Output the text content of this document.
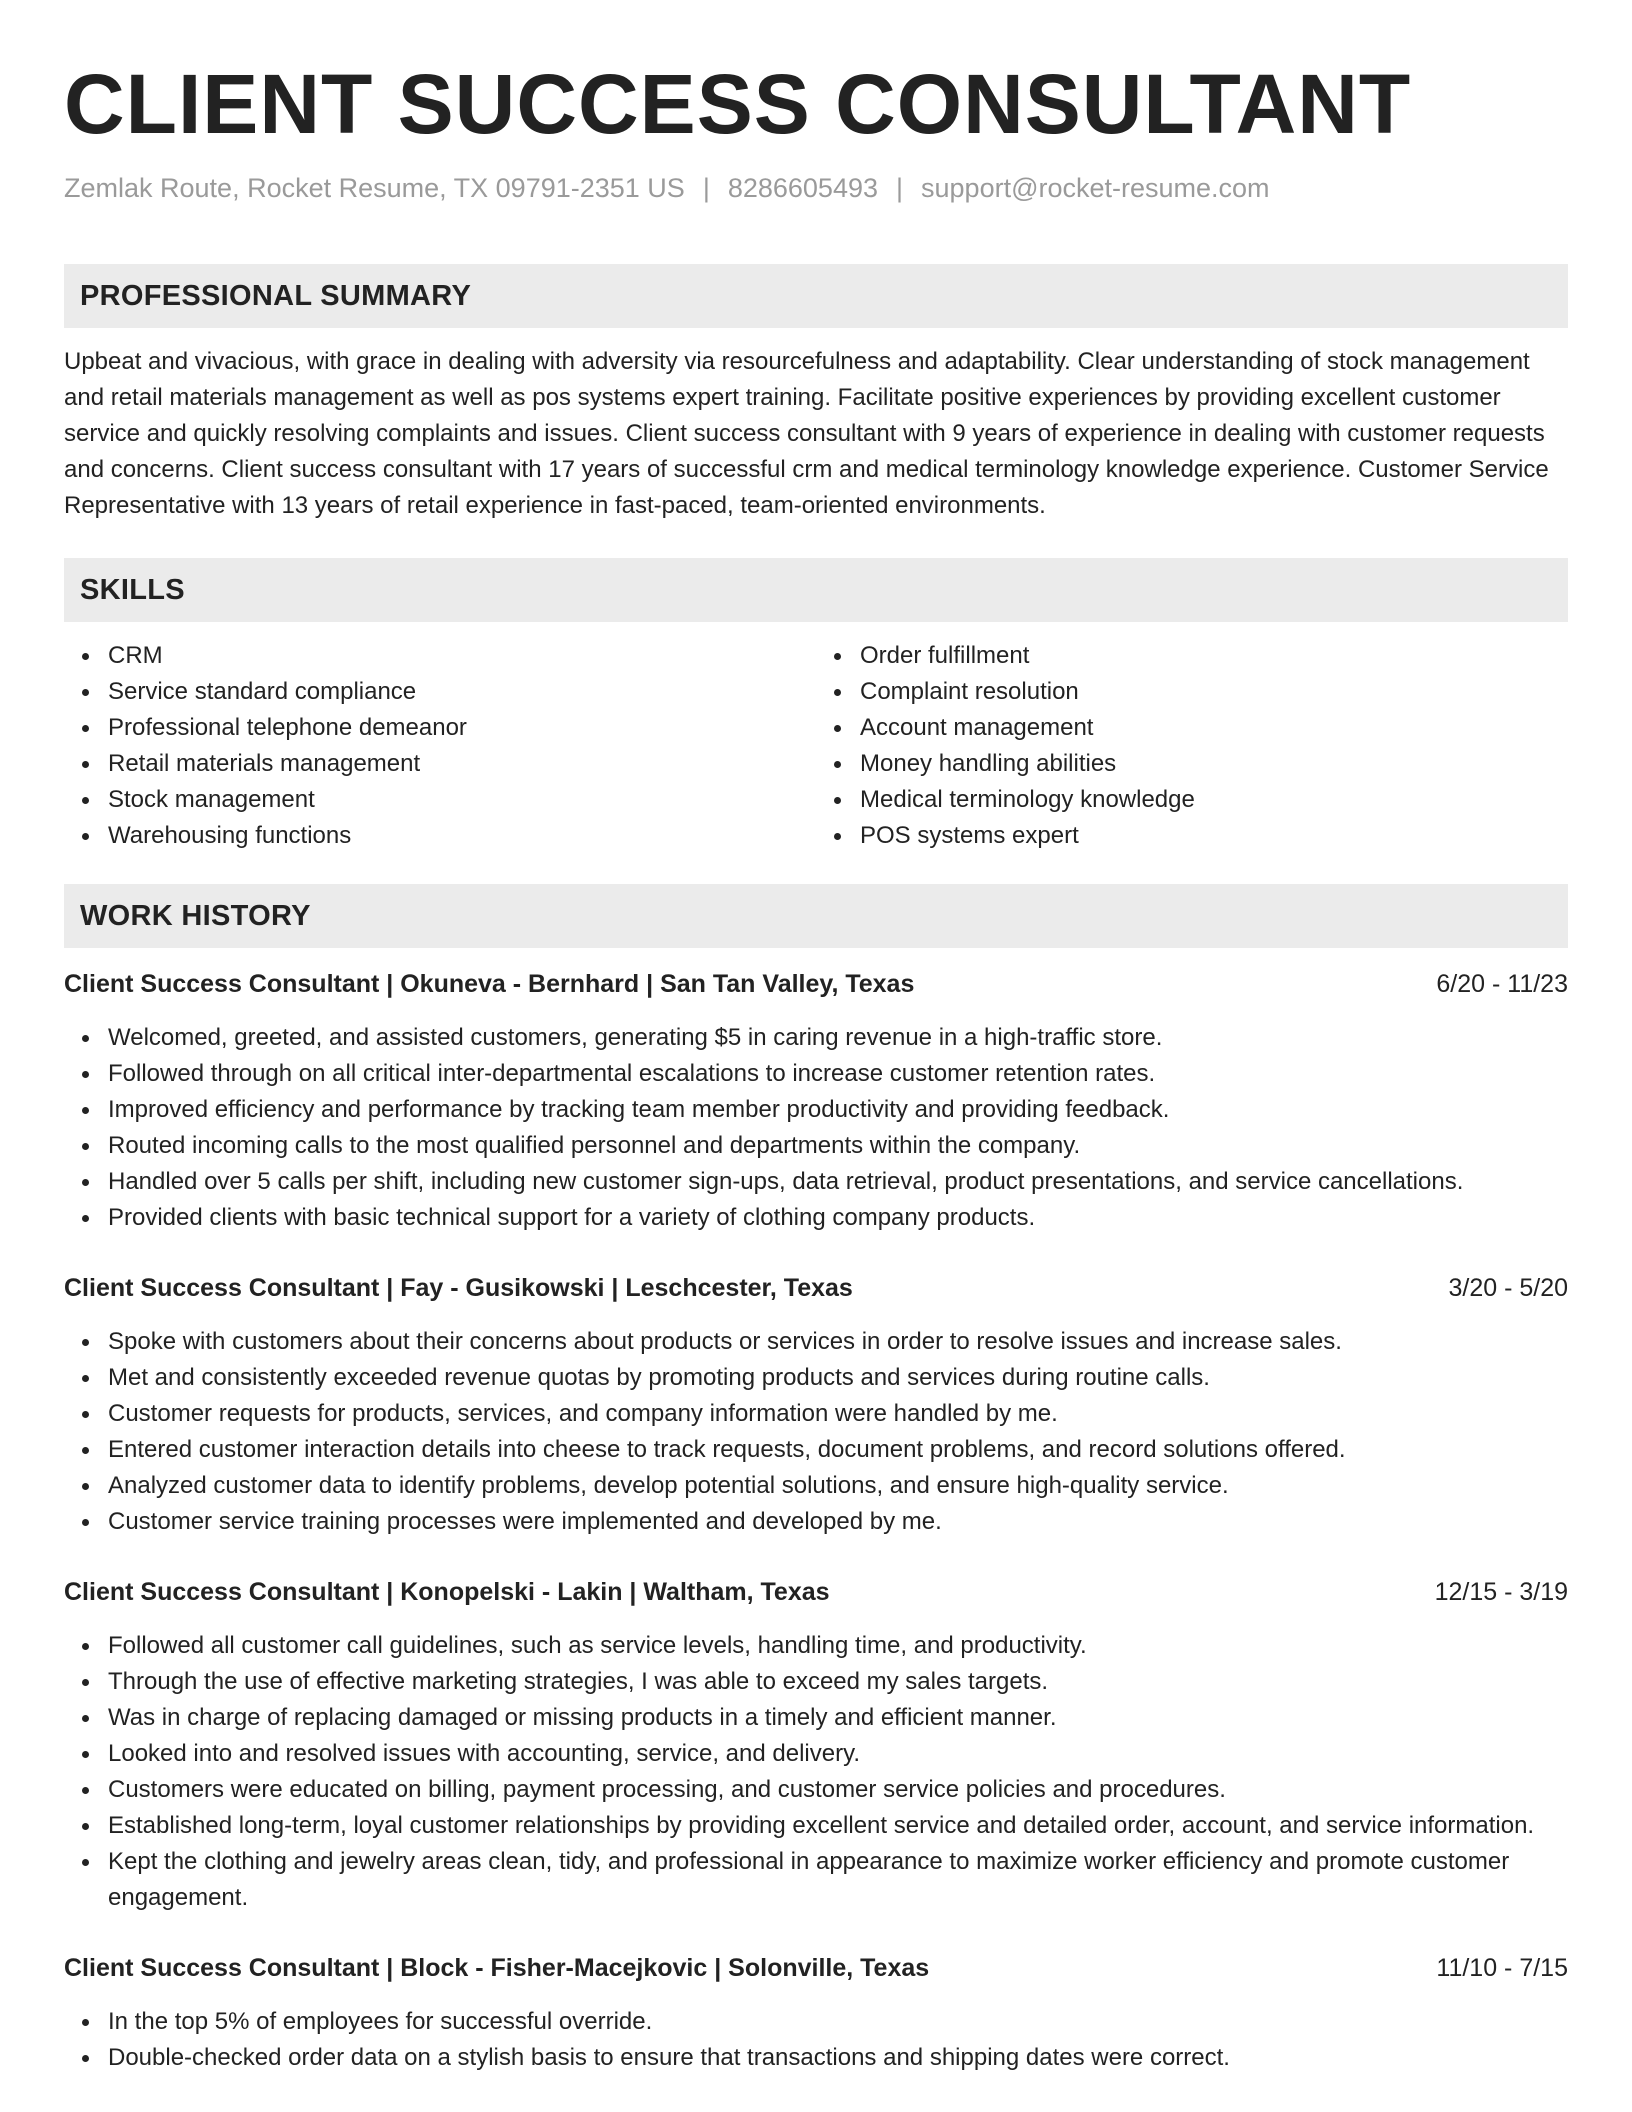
CLIENT SUCCESS CONSULTANT
Zemlak Route, Rocket Resume, TX 09791-2351 US | 8286605493 | support@rocket-resume.com
PROFESSIONAL SUMMARY

Upbeat and vivacious, with grace in dealing with adversity via resourcefulness and adaptability. Clear understanding of stock management and retail materials management as well as pos systems expert training. Facilitate positive experiences by providing excellent customer service and quickly resolving complaints and issues. Client success consultant with 9 years of experience in dealing with customer requests and concerns. Client success consultant with 17 years of successful crm and medical terminology knowledge experience. Customer Service Representative with 13 years of retail experience in fast-paced, team-oriented environments.

SKILLS
CRM
Service standard compliance
Professional telephone demeanor
Retail materials management
Stock management
Warehousing functions
Order fulfillment
Complaint resolution
Account management
Money handling abilities
Medical terminology knowledge
POS systems expert
WORK HISTORY
Client Success Consultant | Okuneva - Bernhard | San Tan Valley, Texas	6/20 - 11/23
Welcomed, greeted, and assisted customers, generating $5 in caring revenue in a high-traffic store.
Followed through on all critical inter-departmental escalations to increase customer retention rates.
Improved efficiency and performance by tracking team member productivity and providing feedback.
Routed incoming calls to the most qualified personnel and departments within the company.
Handled over 5 calls per shift, including new customer sign-ups, data retrieval, product presentations, and service cancellations.
Provided clients with basic technical support for a variety of clothing company products.
Client Success Consultant | Fay - Gusikowski | Leschcester, Texas	3/20 - 5/20
Spoke with customers about their concerns about products or services in order to resolve issues and increase sales.
Met and consistently exceeded revenue quotas by promoting products and services during routine calls.
Customer requests for products, services, and company information were handled by me.
Entered customer interaction details into cheese to track requests, document problems, and record solutions offered.
Analyzed customer data to identify problems, develop potential solutions, and ensure high-quality service.
Customer service training processes were implemented and developed by me.
Client Success Consultant | Konopelski - Lakin | Waltham, Texas	12/15 - 3/19
Followed all customer call guidelines, such as service levels, handling time, and productivity.
Through the use of effective marketing strategies, I was able to exceed my sales targets.
Was in charge of replacing damaged or missing products in a timely and efficient manner.
Looked into and resolved issues with accounting, service, and delivery.
Customers were educated on billing, payment processing, and customer service policies and procedures.
Established long-term, loyal customer relationships by providing excellent service and detailed order, account, and service information.
Kept the clothing and jewelry areas clean, tidy, and professional in appearance to maximize worker efficiency and promote customer engagement.
Client Success Consultant | Block - Fisher-Macejkovic | Solonville, Texas	11/10 - 7/15
In the top 5% of employees for successful override.
Double-checked order data on a stylish basis to ensure that transactions and shipping dates were correct.
